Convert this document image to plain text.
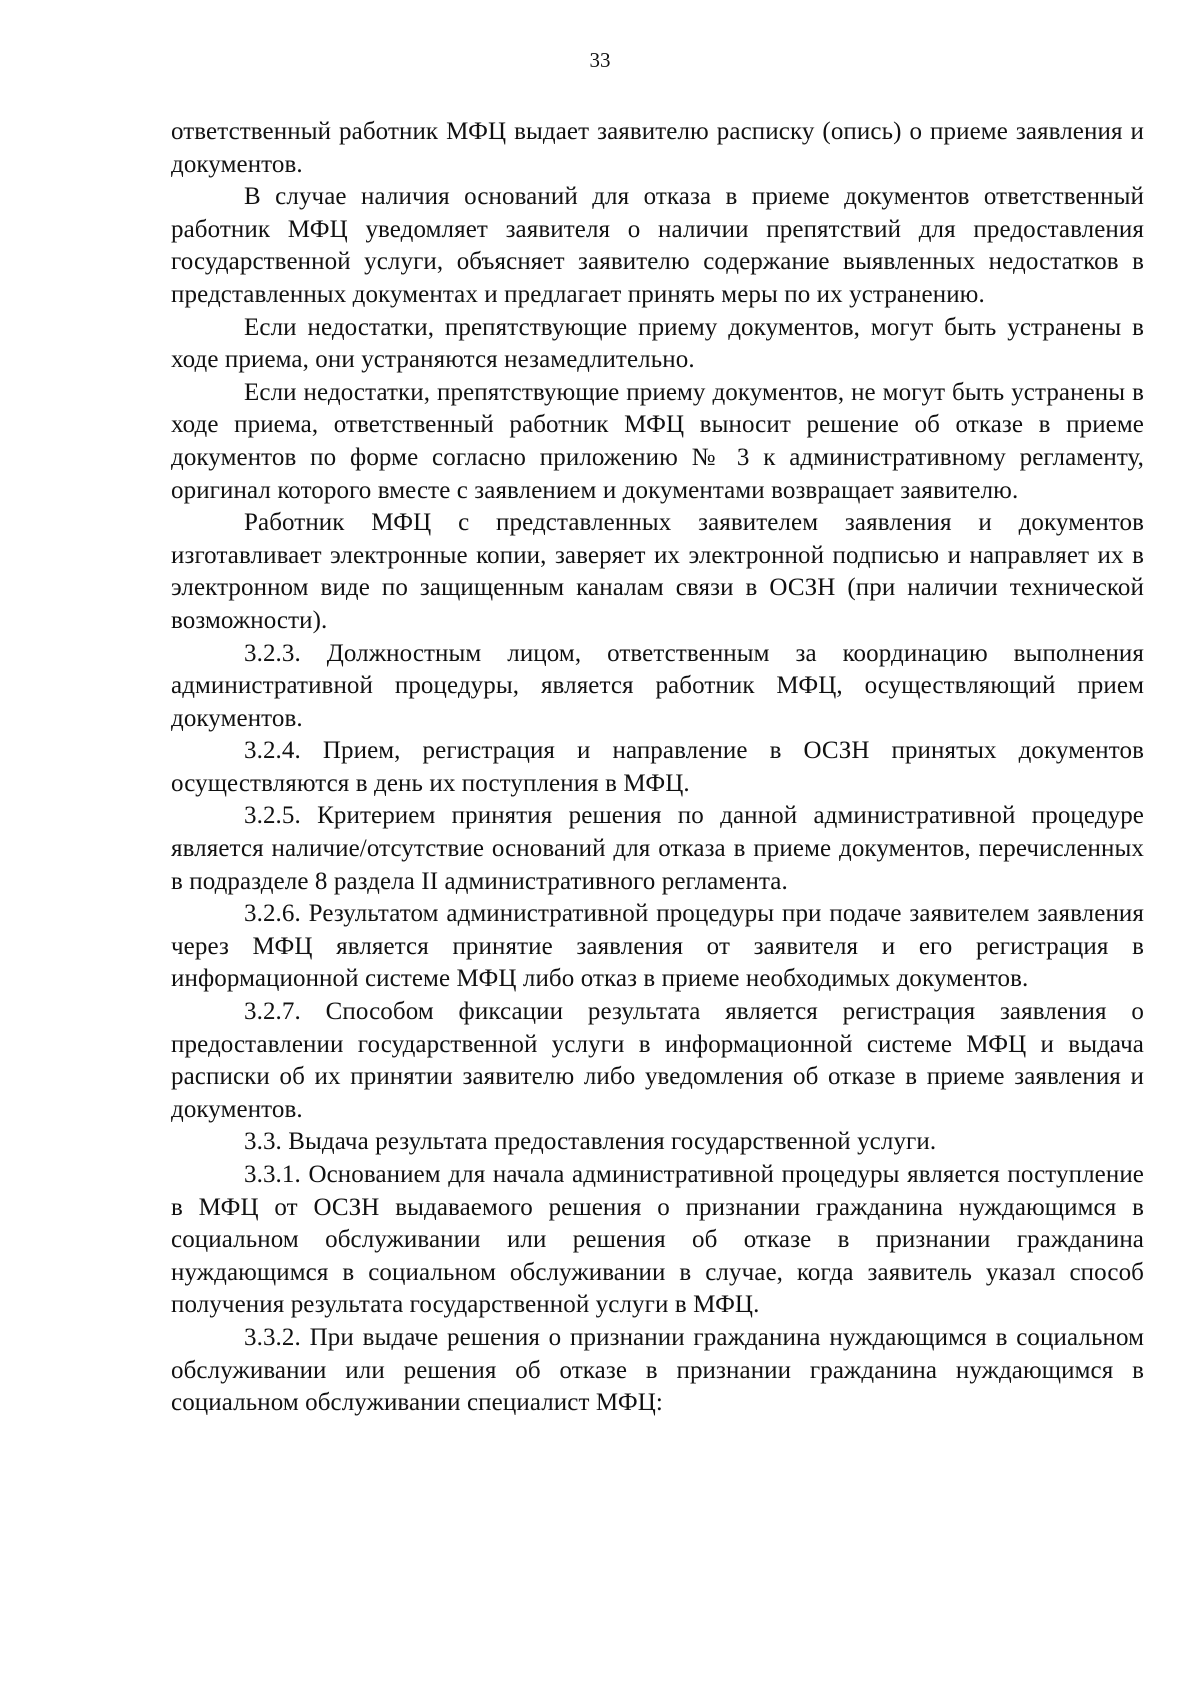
33

ответственный работник МФЦ выдает заявителю расписку (опись) о приеме заявления и документов.

В случае наличия оснований для отказа в приеме документов ответственный работник МФЦ уведомляет заявителя о наличии препятствий для предоставления государственной услуги, объясняет заявителю содержание выявленных недостатков в представленных документах и предлагает принять меры по их устранению.

Если недостатки, препятствующие приему документов, могут быть устранены в ходе приема, они устраняются незамедлительно.

Если недостатки, препятствующие приему документов, не могут быть устранены в ходе приема, ответственный работник МФЦ выносит решение об отказе в приеме документов по форме согласно приложению № 3 к административному регламенту, оригинал которого вместе с заявлением и документами возвращает заявителю.

Работник МФЦ с представленных заявителем заявления и документов изготавливает электронные копии, заверяет их электронной подписью и направляет их в электронном виде по защищенным каналам связи в ОСЗН (при наличии технической возможности).

3.2.3. Должностным лицом, ответственным за координацию выполнения административной процедуры, является работник МФЦ, осуществляющий прием документов.

3.2.4. Прием, регистрация и направление в ОСЗН принятых документов осуществляются в день их поступления в МФЦ.

3.2.5. Критерием принятия решения по данной административной процедуре является наличие/отсутствие оснований для отказа в приеме документов, перечисленных в подразделе 8 раздела II административного регламента.

3.2.6. Результатом административной процедуры при подаче заявителем заявления через МФЦ является принятие заявления от заявителя и его регистрация в информационной системе МФЦ либо отказ в приеме необходимых документов.

3.2.7. Способом фиксации результата является регистрация заявления о предоставлении государственной услуги в информационной системе МФЦ и выдача расписки об их принятии заявителю либо уведомления об отказе в приеме заявления и документов.

3.3. Выдача результата предоставления государственной услуги.

3.3.1. Основанием для начала административной процедуры является поступление в МФЦ от ОСЗН выдаваемого решения о признании гражданина нуждающимся в социальном обслуживании или решения об отказе в признании гражданина нуждающимся в социальном обслуживании в случае, когда заявитель указал способ получения результата государственной услуги в МФЦ.

3.3.2. При выдаче решения о признании гражданина нуждающимся в социальном обслуживании или решения об отказе в признании гражданина нуждающимся в социальном обслуживании специалист МФЦ:
